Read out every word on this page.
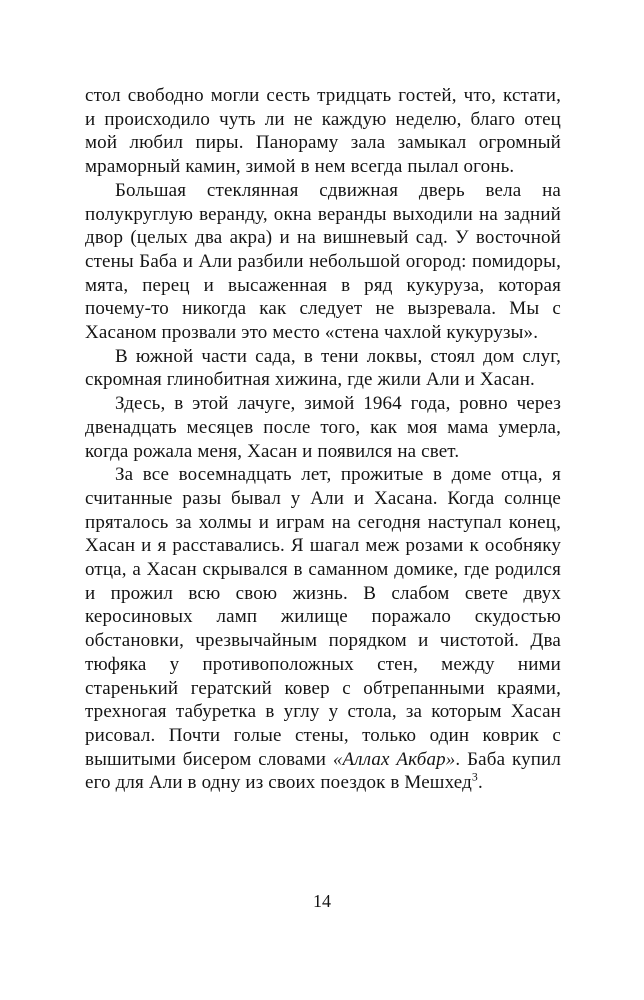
стол свободно могли сесть тридцать гостей, что, кстати, и происходило чуть ли не каждую неделю, благо отец мой любил пиры. Панораму зала замыкал огромный мраморный камин, зимой в нем всегда пылал огонь.

Большая стеклянная сдвижная дверь вела на полукруглую веранду, окна веранды выходили на задний двор (целых два акра) и на вишневый сад. У восточной стены Баба и Али разбили небольшой огород: помидоры, мята, перец и высаженная в ряд кукуруза, которая почему-то никогда как следует не вызревала. Мы с Хасаном прозвали это место «стена чахлой кукурузы».

В южной части сада, в тени локвы, стоял дом слуг, скромная глинобитная хижина, где жили Али и Хасан.

Здесь, в этой лачуге, зимой 1964 года, ровно через двенадцать месяцев после того, как моя мама умерла, когда рожала меня, Хасан и появился на свет.

За все восемнадцать лет, прожитые в доме отца, я считанные разы бывал у Али и Хасана. Когда солнце пряталось за холмы и играм на сегодня наступал конец, Хасан и я расставались. Я шагал меж розами к особняку отца, а Хасан скрывался в саманном домике, где родился и прожил всю свою жизнь. В слабом свете двух керосиновых ламп жилище поражало скудостью обстановки, чрезвычайным порядком и чистотой. Два тюфяка у противоположных стен, между ними старенький гератский ковер с обтрепанными краями, трехногая табуретка в углу у стола, за которым Хасан рисовал. Почти голые стены, только один коврик с вышитыми бисером словами «Аллах Акбар». Баба купил его для Али в одну из своих поездок в Мешхед$^3$.

14
